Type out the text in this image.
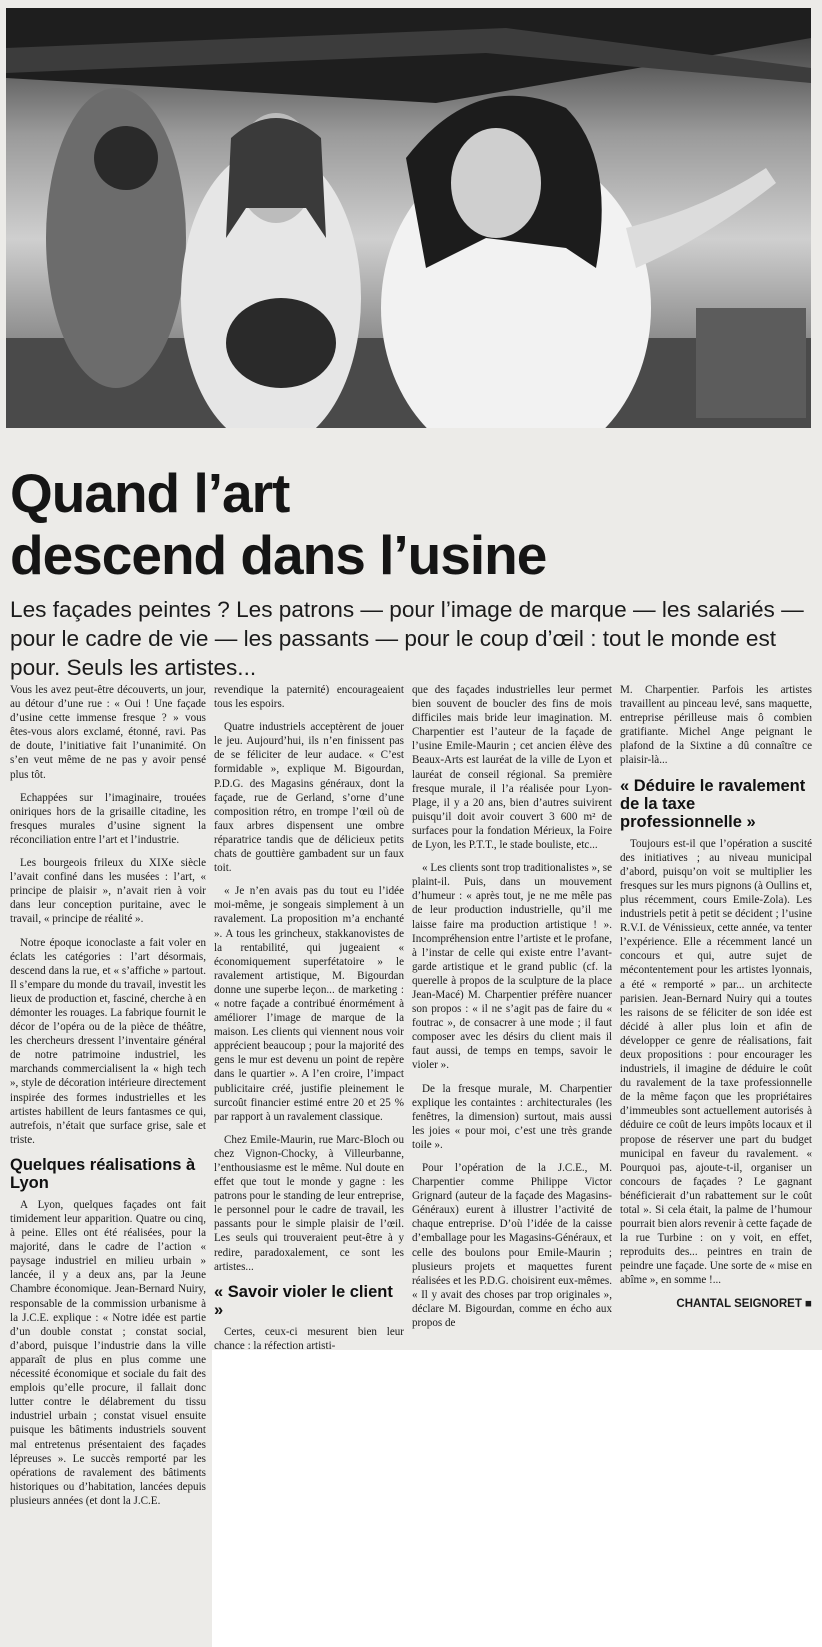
Quand l’art
descend dans l’usine

Les façades peintes ? Les patrons — pour l’image de marque — les salariés — pour le cadre de vie — les passants — pour le coup d’œil : tout le monde est pour. Seuls les artistes...

Vous les avez peut-être découverts, un jour, au détour d’une rue : « Oui ! Une façade d’usine cette immense fresque ? » vous êtes-vous alors exclamé, étonné, ravi. Pas de doute, l’initiative fait l’unanimité. On s’en veut même de ne pas y avoir pensé plus tôt.

Echappées sur l’imaginaire, trouées oniriques hors de la grisaille citadine, les fresques murales d’usine signent la réconciliation entre l’art et l’industrie.

Les bourgeois frileux du XIXe siècle l’avait confiné dans les musées : l’art, « principe de plaisir », n’avait rien à voir dans leur conception puritaine, avec le travail, « principe de réalité ».

Notre époque iconoclaste a fait voler en éclats les catégories : l’art désormais, descend dans la rue, et « s’affiche » partout. Il s’empare du monde du travail, investit les lieux de production et, fasciné, cherche à en démonter les rouages. La fabrique fournit le décor de l’opéra ou de la pièce de théâtre, les chercheurs dressent l’inventaire général de notre patrimoine industriel, les marchands commercialisent la « high tech », style de décoration intérieure directement inspirée des formes industrielles et les artistes habillent de leurs fantasmes ce qui, autrefois, n’était que surface grise, sale et triste.

Quelques réalisations à Lyon

A Lyon, quelques façades ont fait timidement leur apparition. Quatre ou cinq, à peine. Elles ont été réalisées, pour la majorité, dans le cadre de l’action « paysage industriel en milieu urbain » lancée, il y a deux ans, par la Jeune Chambre économique. Jean-Bernard Nuiry, responsable de la commission urbanisme à la J.C.E. explique : « Notre idée est partie d’un double constat ; constat social, d’abord, puisque l’industrie dans la ville apparaît de plus en plus comme une nécessité économique et sociale du fait des emplois qu’elle procure, il fallait donc lutter contre le délabrement du tissu industriel urbain ; constat visuel ensuite puisque les bâtiments industriels souvent mal entretenus présentaient des façades lépreuses ». Le succès remporté par les opérations de ravalement des bâtiments historiques ou d’habitation, lancées depuis plusieurs années (et dont la J.C.E.

revendique la paternité) encourageaient tous les espoirs.

Quatre industriels acceptèrent de jouer le jeu. Aujourd’hui, ils n’en finissent pas de se féliciter de leur audace. « C’est formidable », explique M. Bigourdan, P.D.G. des Magasins généraux, dont la façade, rue de Gerland, s’orne d’une composition rétro, en trompe l’œil où de faux arbres dispensent une ombre réparatrice tandis que de délicieux petits chats de gouttière gambadent sur un faux toit.

« Je n’en avais pas du tout eu l’idée moi-même, je songeais simplement à un ravalement. La proposition m’a enchanté ». A tous les grincheux, stakkanovistes de la rentabilité, qui jugeaient « économiquement superfétatoire » le ravalement artistique, M. Bigourdan donne une superbe leçon... de marketing : « notre façade a contribué énormément à améliorer l’image de marque de la maison. Les clients qui viennent nous voir apprécient beaucoup ; pour la majorité des gens le mur est devenu un point de repère dans le quartier ». A l’en croire, l’impact publicitaire créé, justifie pleinement le surcoût financier estimé entre 20 et 25 % par rapport à un ravalement classique.

Chez Emile-Maurin, rue Marc-Bloch ou chez Vignon-Chocky, à Villeurbanne, l’enthousiasme est le même. Nul doute en effet que tout le monde y gagne : les patrons pour le standing de leur entreprise, le personnel pour le cadre de travail, les passants pour le simple plaisir de l’œil. Les seuls qui trouveraient peut-être à y redire, paradoxalement, ce sont les artistes...

« Savoir violer le client »

Certes, ceux-ci mesurent bien leur chance : la réfection artisti-

que des façades industrielles leur permet bien souvent de boucler des fins de mois difficiles mais bride leur imagination. M. Charpentier est l’auteur de la façade de l’usine Emile-Maurin ; cet ancien élève des Beaux-Arts est lauréat de la ville de Lyon et lauréat de conseil régional. Sa première fresque murale, il l’a réalisée pour Lyon-Plage, il y a 20 ans, bien d’autres suivirent puisqu’il doit avoir couvert 3 600 m² de surfaces pour la fondation Mérieux, la Foire de Lyon, les P.T.T., le stade bouliste, etc...

« Les clients sont trop traditionalistes », se plaint-il. Puis, dans un mouvement d’humeur : « après tout, je ne me mêle pas de leur production industrielle, qu’il me laisse faire ma production artistique ! ». Incompréhension entre l’artiste et le profane, à l’instar de celle qui existe entre l’avant-garde artistique et le grand public (cf. la querelle à propos de la sculpture de la place Jean-Macé) M. Charpentier préfère nuancer son propos : « il ne s’agit pas de faire du « foutrac », de consacrer à une mode ; il faut composer avec les désirs du client mais il faut aussi, de temps en temps, savoir le violer ».

De la fresque murale, M. Charpentier explique les containtes : architecturales (les fenêtres, la dimension) surtout, mais aussi les joies « pour moi, c’est une très grande toile ».

Pour l’opération de la J.C.E., M. Charpentier comme Philippe Victor Grignard (auteur de la façade des Magasins-Généraux) eurent à illustrer l’activité de chaque entreprise. D’où l’idée de la caisse d’emballage pour les Magasins-Généraux, et celle des boulons pour Emile-Maurin ; plusieurs projets et maquettes furent réalisées et les P.D.G. choisirent eux-mêmes. « Il y avait des choses par trop originales », déclare M. Bigourdan, comme en écho aux propos de

M. Charpentier. Parfois les artistes travaillent au pinceau levé, sans maquette, entreprise périlleuse mais ô combien gratifiante. Michel Ange peignant le plafond de la Sixtine a dû connaître ce plaisir-là...

« Déduire le ravalement de la taxe professionnelle »

Toujours est-il que l’opération a suscité des initiatives ; au niveau municipal d’abord, puisqu’on voit se multiplier les fresques sur les murs pignons (à Oullins et, plus récemment, cours Emile-Zola). Les industriels petit à petit se décident ; l’usine R.V.I. de Vénissieux, cette année, va tenter l’expérience. Elle a récemment lancé un concours et qui, autre sujet de mécontentement pour les artistes lyonnais, a été « remporté » par... un architecte parisien. Jean-Bernard Nuiry qui a toutes les raisons de se féliciter de son idée est décidé à aller plus loin et afin de développer ce genre de réalisations, fait deux propositions : pour encourager les industriels, il imagine de déduire le coût du ravalement de la taxe professionnelle de la même façon que les propriétaires d’immeubles sont actuellement autorisés à déduire ce coût de leurs impôts locaux et il propose de réserver une part du budget municipal en faveur du ravalement. « Pourquoi pas, ajoute-t-il, organiser un concours de façades ? Le gagnant bénéficierait d’un rabattement sur le coût total ». Si cela était, la palme de l’humour pourrait bien alors revenir à cette façade de la rue Turbine : on y voit, en effet, reproduits des... peintres en train de peindre une façade. Une sorte de « mise en abîme », en somme !...

CHANTAL SEIGNORET ■
